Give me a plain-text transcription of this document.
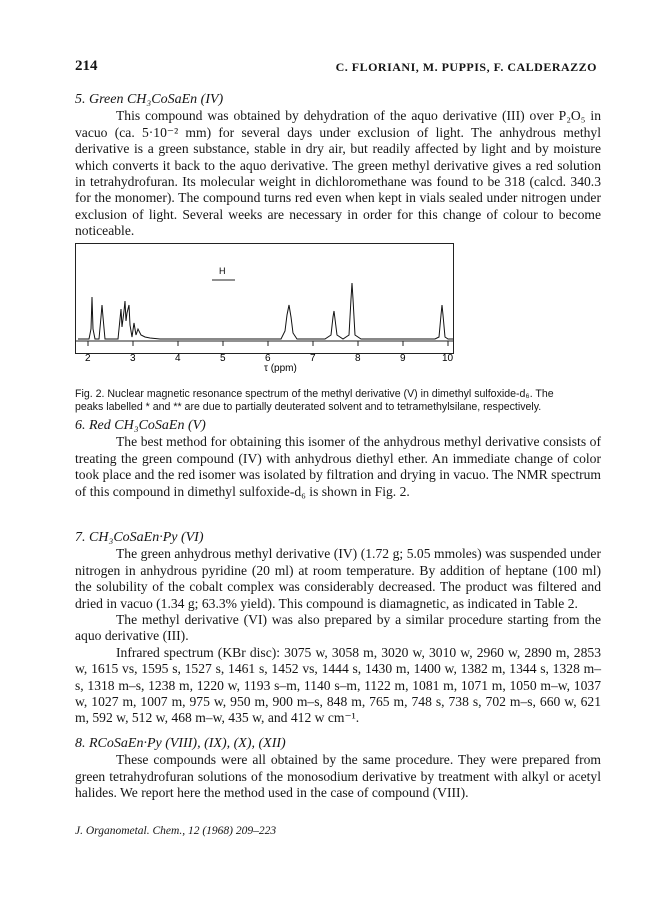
214	C. FLORIANI, M. PUPPIS, F. CALDERAZZO

5. Green CH₃CoSaEn (IV)

This compound was obtained by dehydration of the aquo derivative (III) over P₂O₅ in vacuo (ca. 5·10⁻² mm) for several days under exclusion of light. The anhydrous methyl derivative is a green substance, stable in dry air, but readily affected by light and by moisture which converts it back to the aquo derivative. The green methyl derivative gives a red solution in tetrahydrofuran. Its molecular weight in dichloromethane was found to be 318 (calcd. 340.3 for the monomer). The compound turns red even when kept in vials sealed under nitrogen under exclusion of light. Several weeks are necessary in order for this change of colour to become noticeable.

2	3	4	5	6	7	8	9	10
τ (ppm)
H
Fig. 2. Nuclear magnetic resonance spectrum of the methyl derivative (V) in dimethyl sulfoxide-d₆. The
peaks labelled * and ** are due to partially deuterated solvent and to tetramethylsilane, respectively.

6. Red CH₃CoSaEn (V)

The best method for obtaining this isomer of the anhydrous methyl derivative consists of treating the green compound (IV) with anhydrous diethyl ether. An immediate change of color took place and the red isomer was isolated by filtration and drying in vacuo. The NMR spectrum of this compound in dimethyl sulfoxide-d₆ is shown in Fig. 2.

7. CH₃CoSaEn·Py (VI)

The green anhydrous methyl derivative (IV) (1.72 g; 5.05 mmoles) was suspended under nitrogen in anhydrous pyridine (20 ml) at room temperature. By addition of heptane (100 ml) the solubility of the cobalt complex was considerably decreased. The product was filtered and dried in vacuo (1.34 g; 63.3% yield). This compound is diamagnetic, as indicated in Table 2.

The methyl derivative (VI) was also prepared by a similar procedure starting from the aquo derivative (III).

Infrared spectrum (KBr disc): 3075 w, 3058 m, 3020 w, 3010 w, 2960 w, 2890 m, 2853 w, 1615 vs, 1595 s, 1527 s, 1461 s, 1452 vs, 1444 s, 1430 m, 1400 w, 1382 m, 1344 s, 1328 m–s, 1318 m–s, 1238 m, 1220 w, 1193 s–m, 1140 s–m, 1122 m, 1081 m, 1071 m, 1050 m–w, 1037 w, 1027 m, 1007 m, 975 w, 950 m, 900 m–s, 848 m, 765 m, 748 s, 738 s, 702 m–s, 660 w, 621 m, 592 w, 512 w, 468 m–w, 435 w, and 412 w cm⁻¹.

8. RCoSaEn·Py (VIII), (IX), (X), (XII)

These compounds were all obtained by the same procedure. They were prepared from green tetrahydrofuran solutions of the monosodium derivative by treatment with alkyl or acetyl halides. We report here the method used in the case of compound (VIII).

J. Organometal. Chem., 12 (1968) 209–223
